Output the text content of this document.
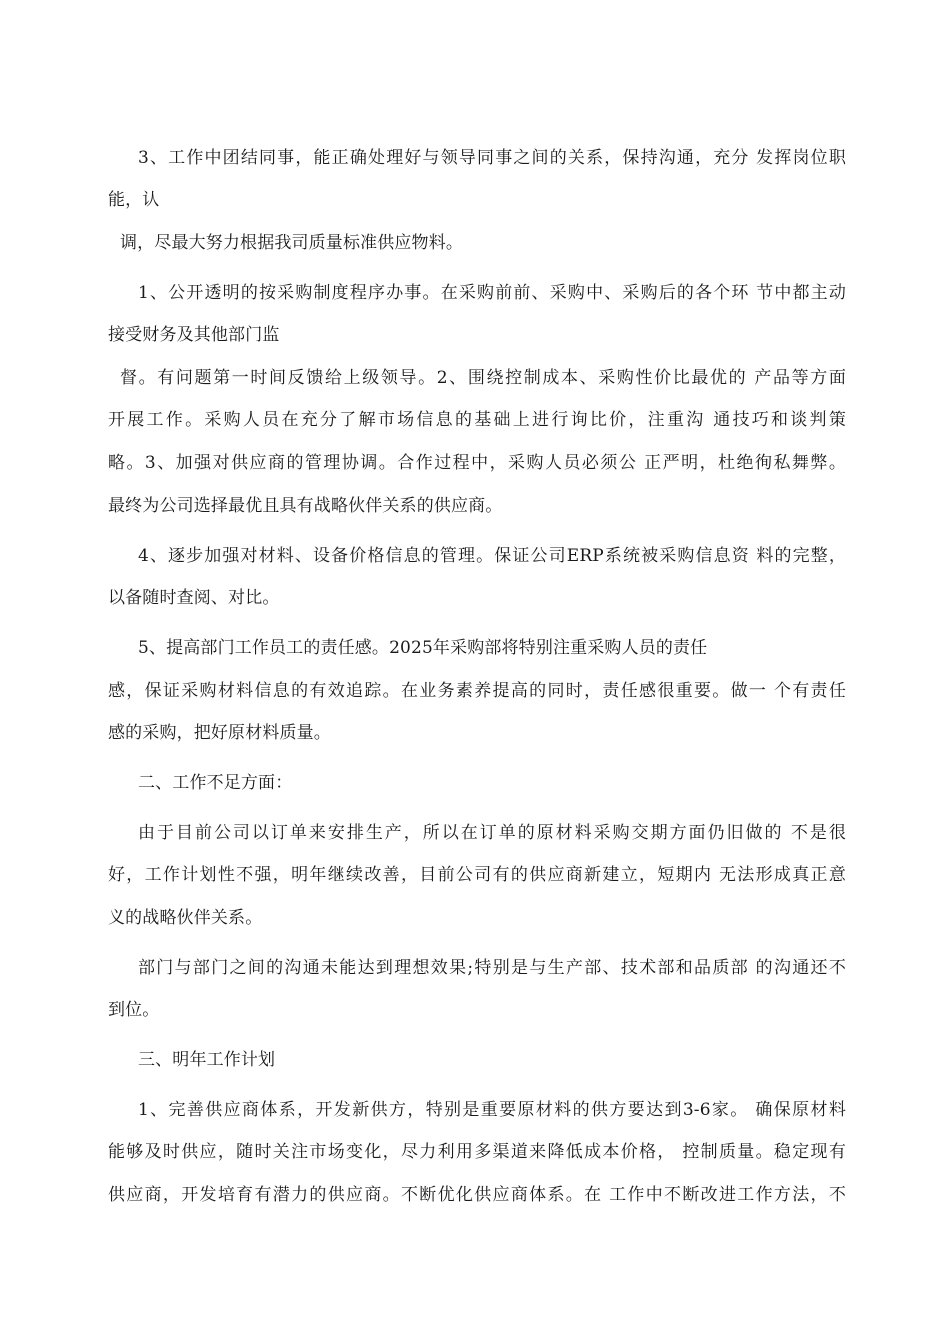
3、工作中团结同事，能正确处理好与领导同事之间的关系，保持沟通，充分 发挥岗位职
能，认
调，尽最大努力根据我司质量标准供应物料。
1、公开透明的按采购制度程序办事。在采购前前、采购中、采购后的各个环 节中都主动
接受财务及其他部门监
督。有问题第一时间反馈给上级领导。2、围绕控制成本、采购性价比最优的 产品等方面
开展工作。采购人员在充分了解市场信息的基础上进行询比价，注重沟 通技巧和谈判策
略。3、加强对供应商的管理协调。合作过程中，采购人员必须公 正严明，杜绝徇私舞弊。
最终为公司选择最优且具有战略伙伴关系的供应商。
4、逐步加强对材料、设备价格信息的管理。保证公司ERP系统被采购信息资 料的完整，
以备随时查阅、对比。
5、提高部门工作员工的责任感。2025年采购部将特别注重采购人员的责任
感，保证采购材料信息的有效追踪。在业务素养提高的同时，责任感很重要。做一 个有责任
感的采购，把好原材料质量。
二、工作不足方面：
由于目前公司以订单来安排生产，所以在订单的原材料采购交期方面仍旧做的 不是很
好，工作计划性不强，明年继续改善，目前公司有的供应商新建立，短期内 无法形成真正意
义的战略伙伴关系。
部门与部门之间的沟通未能达到理想效果;特别是与生产部、技术部和品质部 的沟通还不
到位。
三、明年工作计划
1、完善供应商体系，开发新供方，特别是重要原材料的供方要达到3-6家。 确保原材料
能够及时供应，随时关注市场变化，尽力利用多渠道来降低成本价格， 控制质量。稳定现有
供应商，开发培育有潜力的供应商。不断优化供应商体系。在 工作中不断改进工作方法，不
